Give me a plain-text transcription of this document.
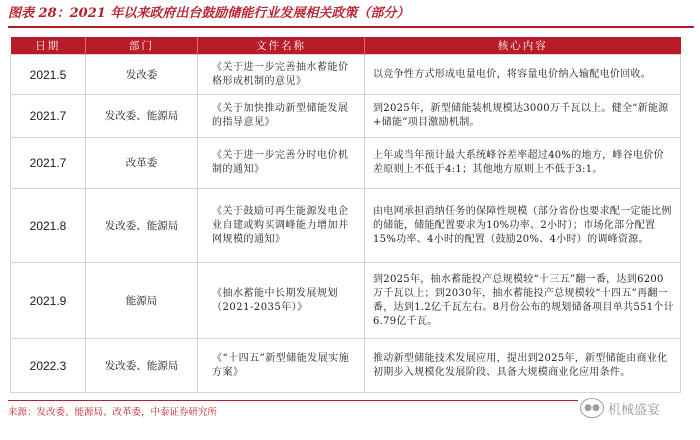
图表 28：2021 年以来政府出台鼓励储能行业发展相关政策（部分）
日期	部门	文件名称	核心内容
2021.5	发改委	《关于进一步完善抽水蓄能价格形成机制的意见》	以竞争性方式形成电量电价，将容量电价纳入输配电价回收。
2021.7	发改委、能源局	《关于加快推动新型储能发展的指导意见》	到2025年，新型储能装机规模达3000万千瓦以上。健全“新能源+储能”项目激励机制。
2021.7	改革委	《关于进一步完善分时电价机制的通知》	上年或当年预计最大系统峰谷差率超过40%的地方，峰谷电价价差原则上不低于4:1；其他地方原则上不低于3:1。
2021.8	发改委、能源局	《关于鼓励可再生能源发电企业自建或购买调峰能力增加并网规模的通知》	由电网承担消纳任务的保障性规模（部分省份也要求配一定能比例的储能，储能配置要求为10%功率、2小时）；市场化部分配置15%功率、4小时的配置（鼓励20%、4小时）的调峰资源。
2021.9	能源局	《抽水蓄能中长期发展规划（2021-2035年）》	到2025年，抽水蓄能投产总规模较“十三五”翻一番，达到6200万千瓦以上；到2030年，抽水蓄能投产总规模较“十四五”再翻一番，达到1.2亿千瓦左右。8月份公布的规划储备项目单共551个计6.79亿千瓦。
2022.3	发改委、能源局	《“十四五”新型储能发展实施方案》	推动新型储能技术发展应用，提出到2025年，新型储能由商业化初期步入规模化发展阶段、具备大规模商业化应用条件。
来源：发改委、能源局、改革委，中泰证券研究所	●● 机械盛宴
